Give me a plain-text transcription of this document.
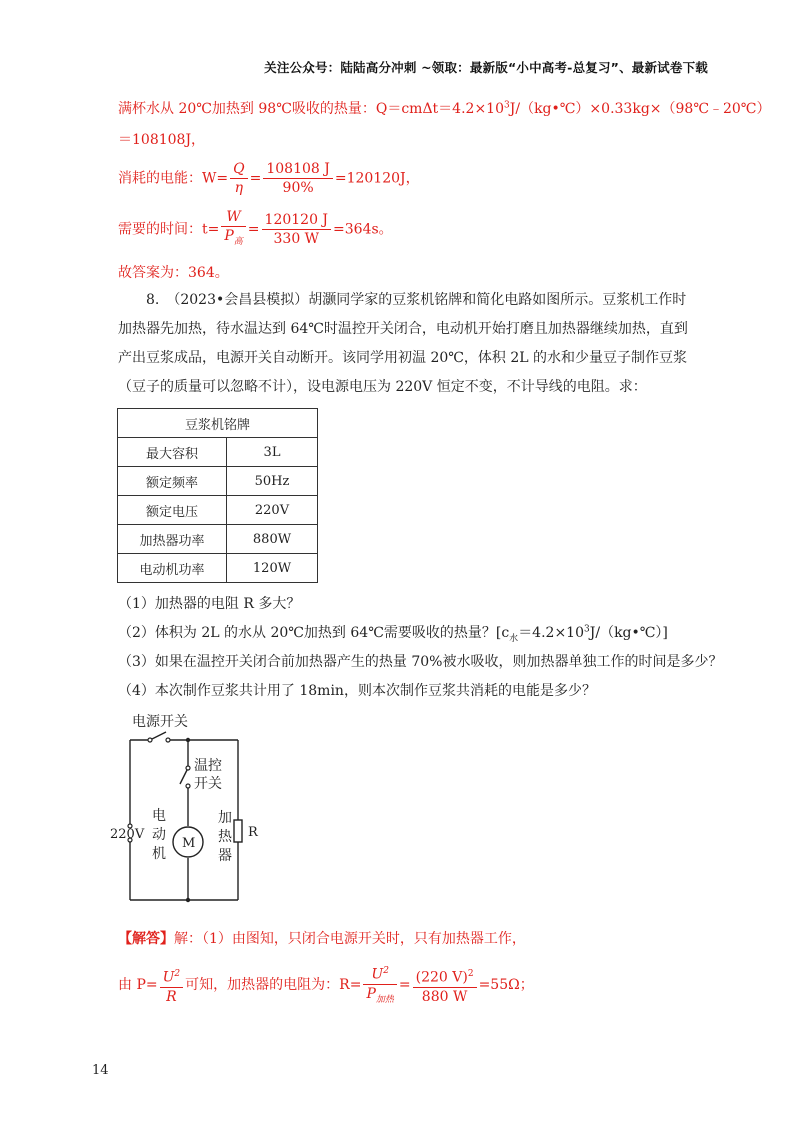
关注公众号：陆陆高分冲刺 ~领取：最新版“小中高考-总复习”、最新试卷下载
满杯水从 20℃加热到 98℃吸收的热量：$Q=cm\Delta t=4.2\times 10^3J/(kg•℃)\times 0.33kg\times(98℃﹣20℃)$
＝108108J，
消耗的电能：$W= \frac{Q}{\eta} = \frac{108108 J}{90\%} =120120J$，
需要的时间：$t= \frac{W}{P_高} = \frac{120120 J}{330 W} =364s$。
故答案为：364。
8.　（2023•会昌县模拟）胡灏同学家的豆浆机铭牌和简化电路如图所示。豆浆机工作时
加热器先加热，待水温达到 64℃时温控开关闭合，电动机开始打磨且加热器继续加热，直到
产出豆浆成品，电源开关自动断开。该同学用初温 20℃，体积 2L 的水和少量豆子制作豆浆
（豆子的质量可以忽略不计），设电源电压为 220V 恒定不变，不计导线的电阻。求：
豆浆机铭牌	
最大容积	3L
额定频率	50Hz
额定电压	220V
加热器功率	880W
电动机功率	120W
（1）加热器的电阻 R 多大？
（2）体积为 2L 的水从 20℃加热到 64℃需要吸收的热量？$[c_水=4.2\times 10^3J/(kg•℃)]$
（3）如果在温控开关闭合前加热器产生的热量 70%被水吸收，则加热器单独工作的时间是多少？
（4）本次制作豆浆共计用了 18min，则本次制作豆浆共消耗的电能是多少？
电源开关
温控
开关
220V
电
动
机
M
加
热
器
R
【解答】解：（1）由图知，只闭合电源开关时，只有加热器工作，
由 $P= \frac{U^2}{R}$ 可知，加热器的电阻为：$R= \frac{U^2}{P_{加热}} = \frac{(220 V)^2}{880 W} =55\Omega$；
14
